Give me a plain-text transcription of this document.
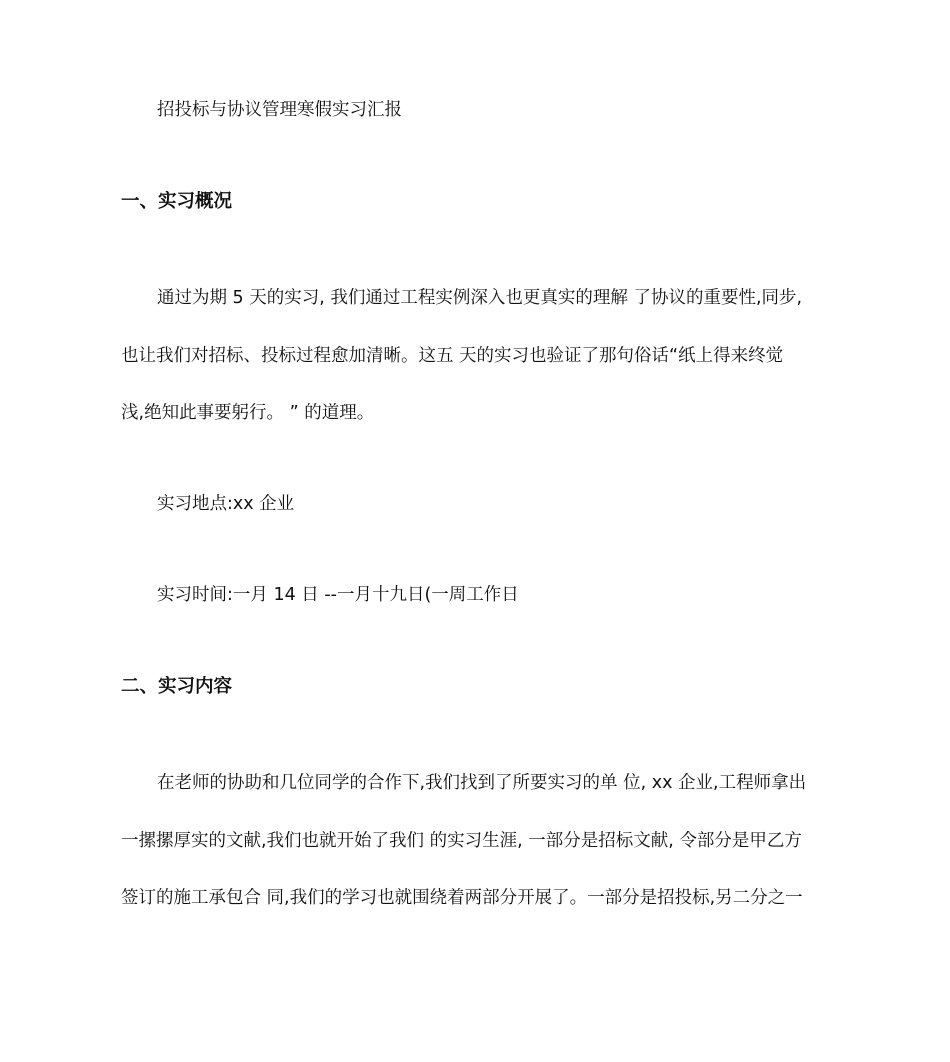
招投标与协议管理寒假实习汇报
一、实习概况
通过为期 5 天的实习, 我们通过工程实例深入也更真实的理解 了协议的重要性,同步,
也让我们对招标、投标过程愈加清晰。这五 天的实习也验证了那句俗话“纸上得来终觉
浅,绝知此事要躬行。 ” 的道理。
实习地点:xx 企业
实习时间:一月 14 日 --一月十九日(一周工作日
二、实习内容
在老师的协助和几位同学的合作下,我们找到了所要实习的单 位, xx 企业,工程师拿出
一摞摞厚实的文献,我们也就开始了我们 的实习生涯, 一部分是招标文献, 令部分是甲乙方
签订的施工承包合 同,我们的学习也就围绕着两部分开展了。一部分是招投标,另二分之一
